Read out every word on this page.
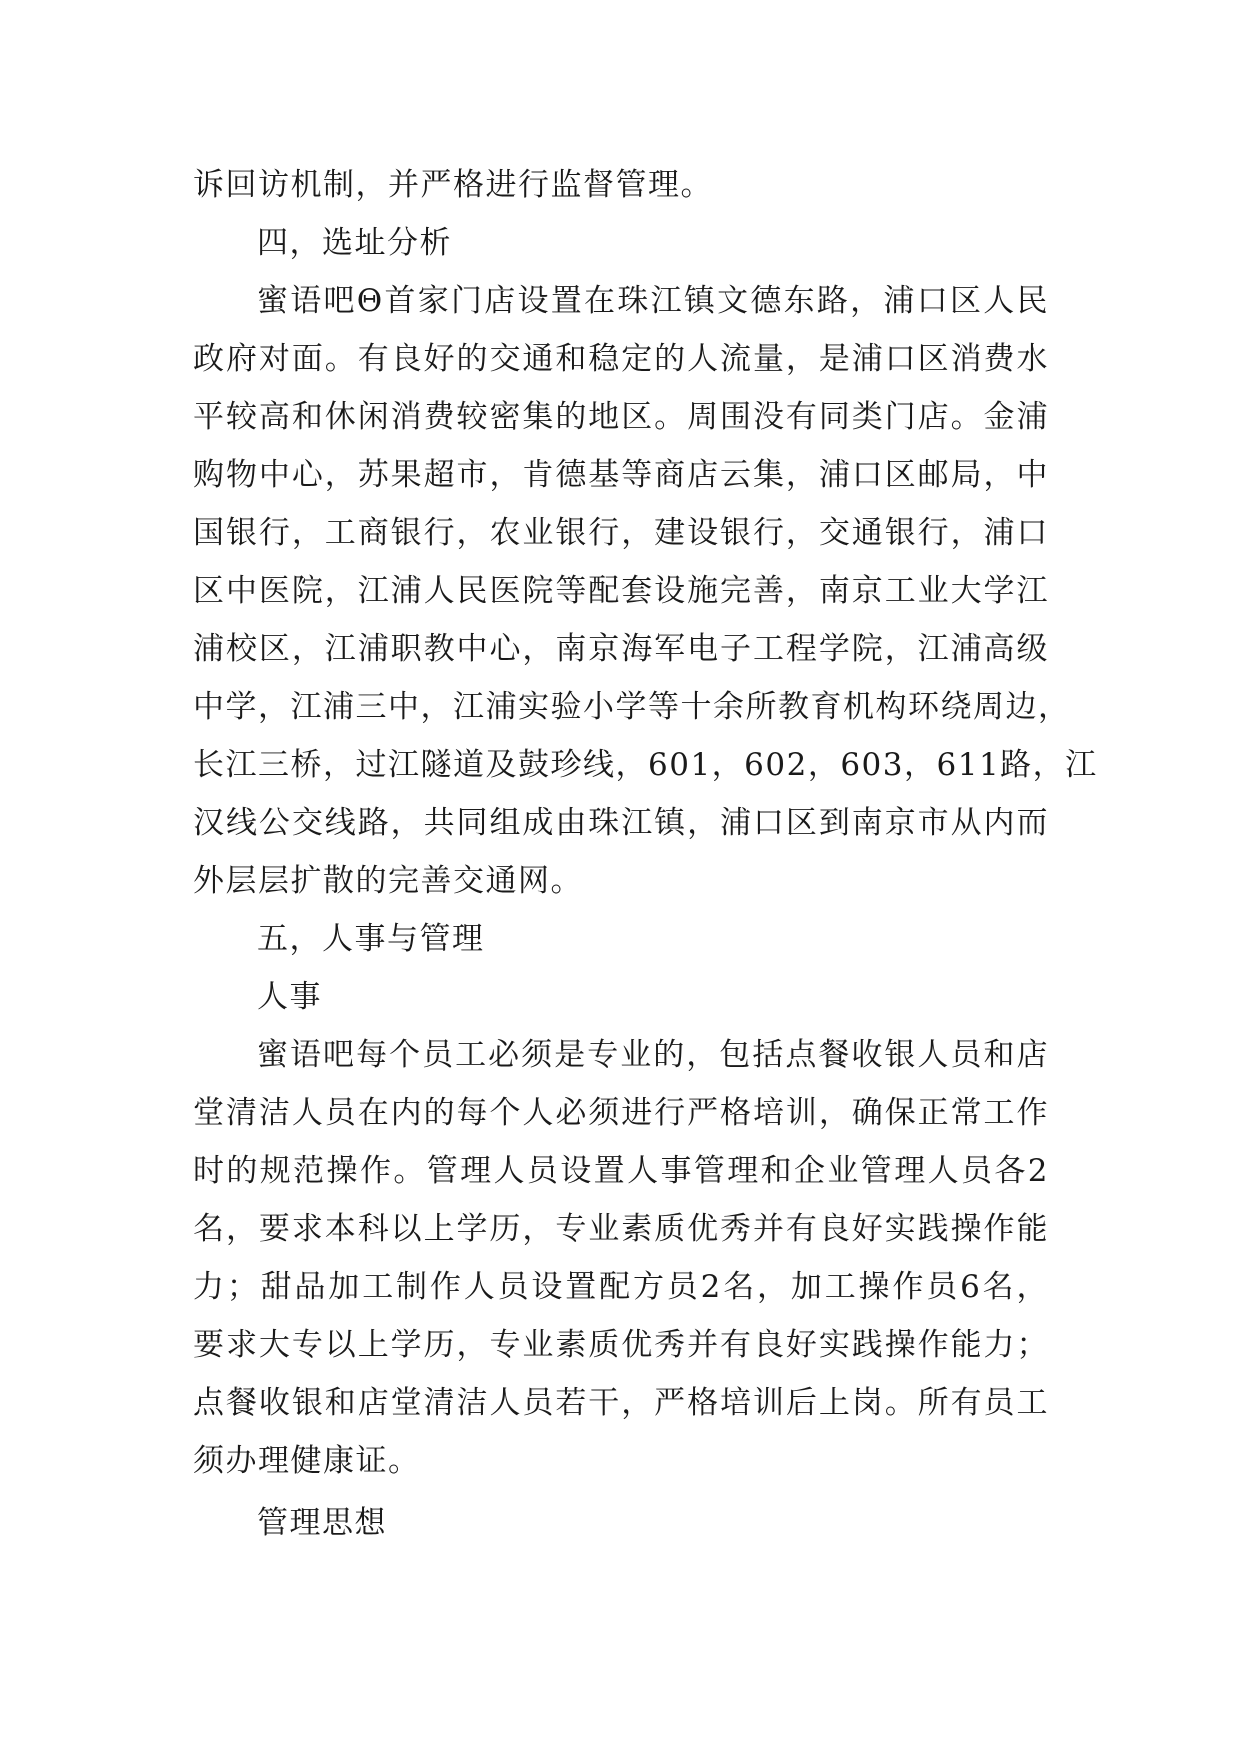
诉回访机制，并严格进行监督管理。
四，选址分析
蜜语吧Θ首家门店设置在珠江镇文德东路，浦口区人民
政府对面。有良好的交通和稳定的人流量，是浦口区消费水
平较高和休闲消费较密集的地区。周围没有同类门店。金浦
购物中心，苏果超市，肯德基等商店云集，浦口区邮局，中
国银行，工商银行，农业银行，建设银行，交通银行，浦口
区中医院，江浦人民医院等配套设施完善，南京工业大学江
浦校区，江浦职教中心，南京海军电子工程学院，江浦高级
中学，江浦三中，江浦实验小学等十余所教育机构环绕周边，
长江三桥，过江隧道及鼓珍线，601，602，603，611路，江
汉线公交线路，共同组成由珠江镇，浦口区到南京市从内而
外层层扩散的完善交通网。
五，人事与管理
人事
蜜语吧每个员工必须是专业的，包括点餐收银人员和店
堂清洁人员在内的每个人必须进行严格培训，确保正常工作
时的规范操作。管理人员设置人事管理和企业管理人员各2
名，要求本科以上学历，专业素质优秀并有良好实践操作能
力；甜品加工制作人员设置配方员2名，加工操作员6名，
要求大专以上学历，专业素质优秀并有良好实践操作能力；
点餐收银和店堂清洁人员若干，严格培训后上岗。所有员工
须办理健康证。
管理思想
